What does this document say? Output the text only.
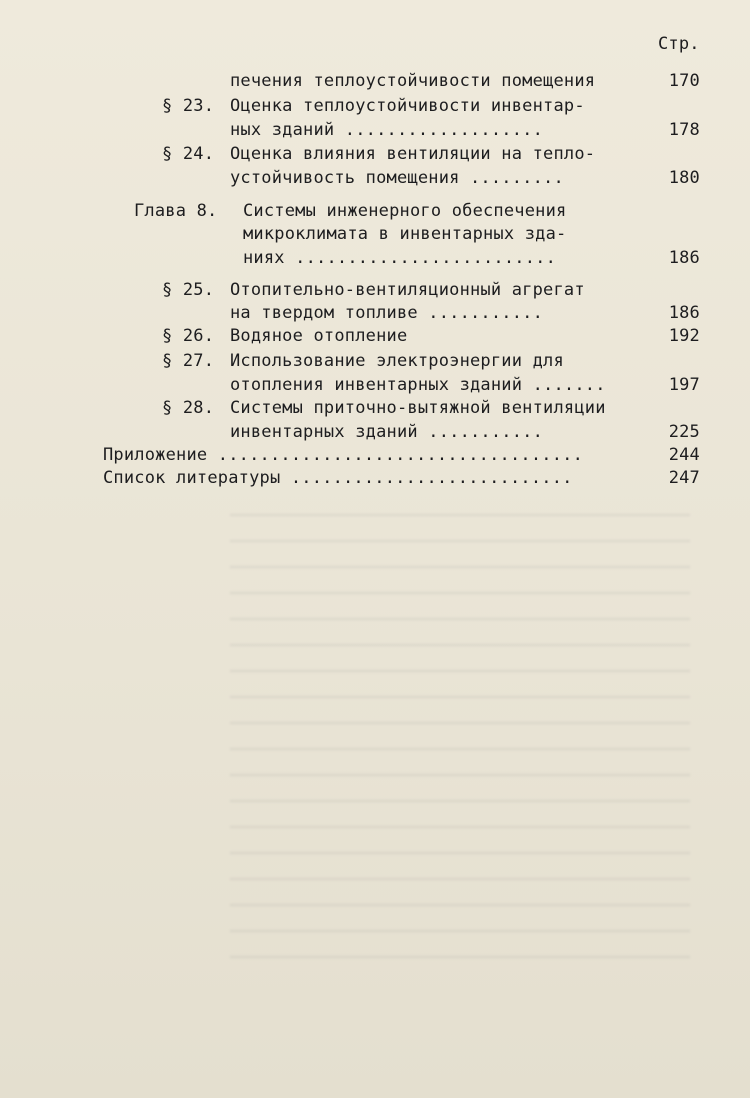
Стр.
печения теплоустойчивости помещения	170
§ 23. Оценка теплоустойчивости инвентар-
ных зданий ...................	178
§ 24. Оценка влияния вентиляции на тепло-
устойчивость помещения .........	180
Глава 8. Системы инженерного обеспечения
микроклимата в инвентарных зда-
ниях .........................	186
§ 25. Отопительно-вентиляционный агрегат
на твердом топливе ...........	186
§ 26. Водяное отопление	192
§ 27. Использование электроэнергии для
отопления инвентарных зданий .......	197
§ 28. Системы приточно-вытяжной вентиляции
инвентарных зданий ...........	225
Приложение ...................................	244
Список литературы ...........................	247
